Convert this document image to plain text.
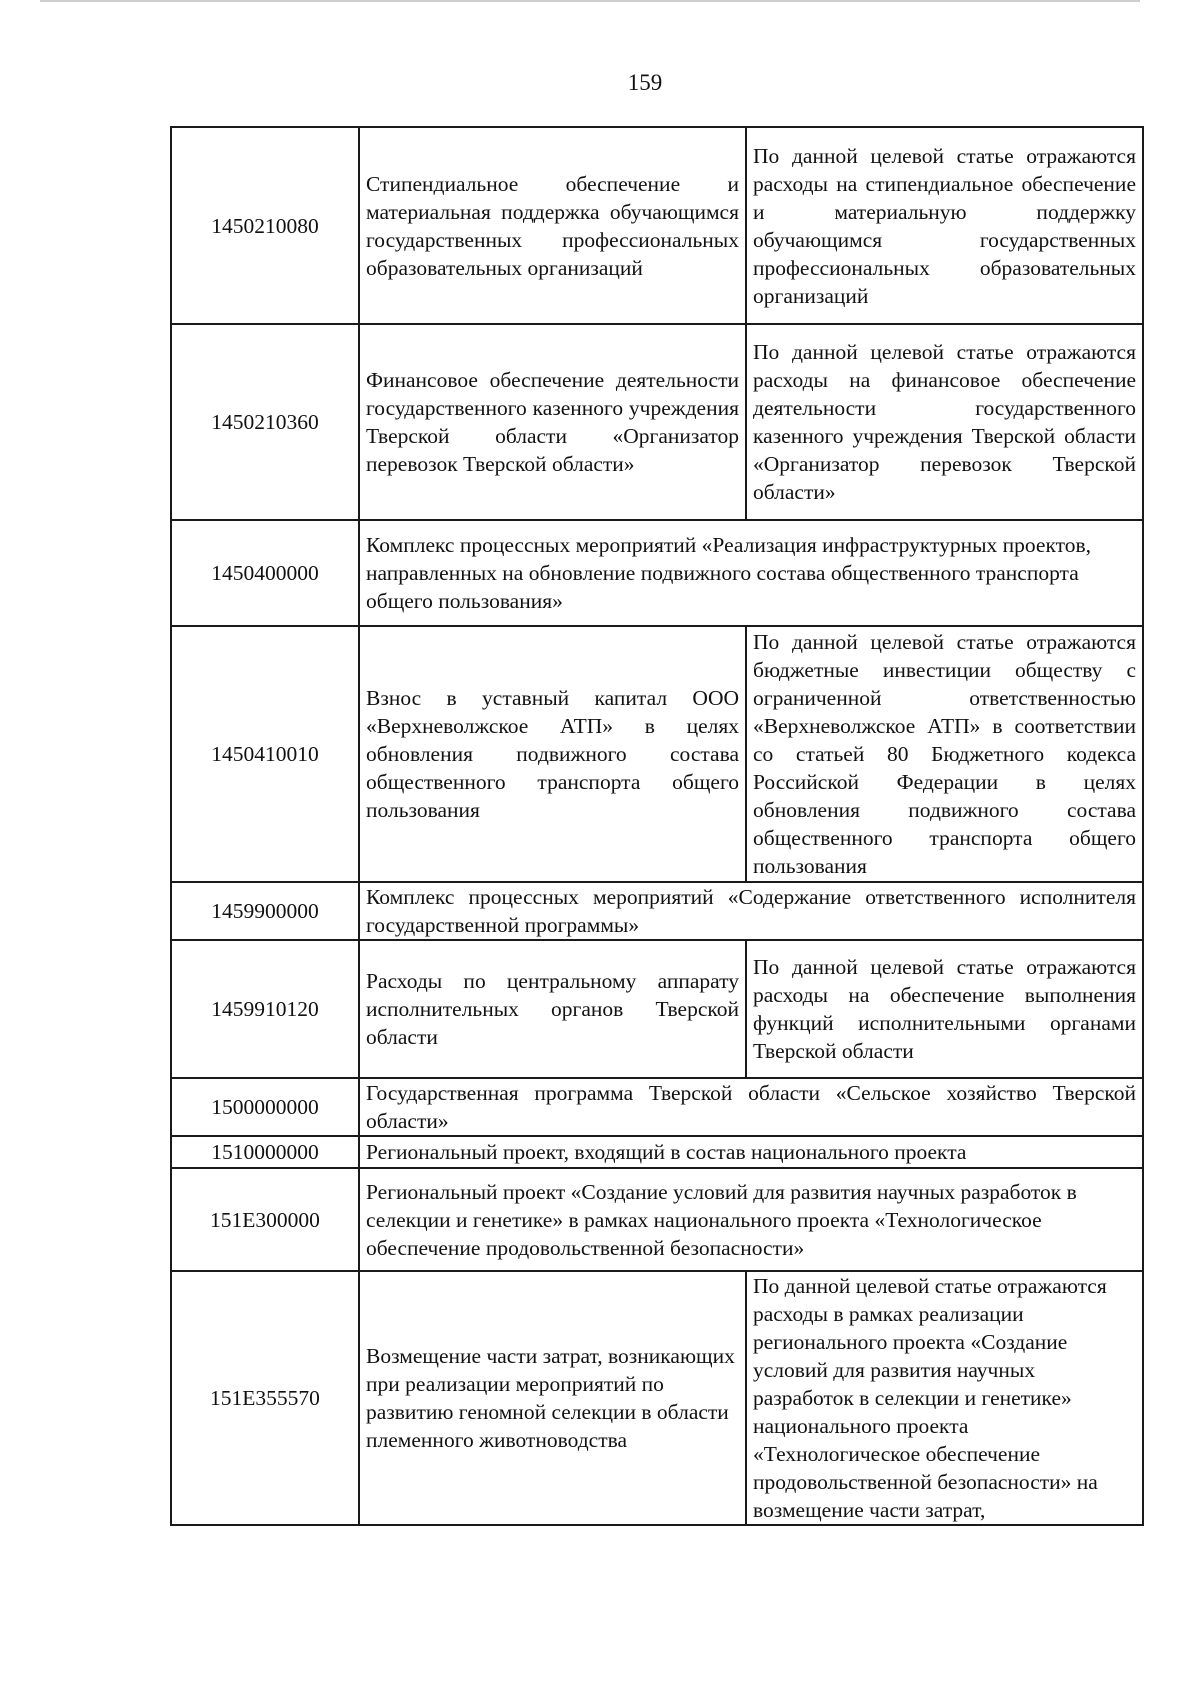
159
1450210080	Стипендиальное обеспечение и материальная поддержка обучающимся государственных профессиональных образовательных организаций	По данной целевой статье отражаются расходы на стипендиальное обеспечение и материальную поддержку обучающимся государственных профессиональных образовательных организаций
1450210360	Финансовое обеспечение деятельности государственного казенного учреждения Тверской области «Организатор перевозок Тверской области»	По данной целевой статье отражаются расходы на финансовое обеспечение деятельности государственного казенного учреждения Тверской области «Организатор перевозок Тверской области»
1450400000	Комплекс процессных мероприятий «Реализация инфраструктурных проектов, направленных на обновление подвижного состава общественного транспорта общего пользования»	
1450410010	Взнос в уставный капитал ООО «Верхневолжское АТП» в целях обновления подвижного состава общественного транспорта общего пользования	По данной целевой статье отражаются бюджетные инвестиции обществу с ограниченной ответственностью «Верхневолжское АТП» в соответствии со статьей 80 Бюджетного кодекса Российской Федерации в целях обновления подвижного состава общественного транспорта общего пользования
1459900000	Комплекс процессных мероприятий «Содержание ответственного исполнителя государственной программы»	
1459910120	Расходы по центральному аппарату исполнительных органов Тверской области	По данной целевой статье отражаются расходы на обеспечение выполнения функций исполнительными органами Тверской области
1500000000	Государственная программа Тверской области «Сельское хозяйство Тверской области»	
1510000000	Региональный проект, входящий в состав национального проекта	
151E300000	Региональный проект «Создание условий для развития научных разработок в селекции и генетике» в рамках национального проекта «Технологическое обеспечение продовольственной безопасности»	
151E355570	Возмещение части затрат, возникающих при реализации мероприятий по развитию геномной селекции в области племенного животноводства	По данной целевой статье отражаются расходы в рамках реализации регионального проекта «Создание условий для развития научных разработок в селекции и генетике» национального проекта «Технологическое обеспечение продовольственной безопасности» на возмещение части затрат,
